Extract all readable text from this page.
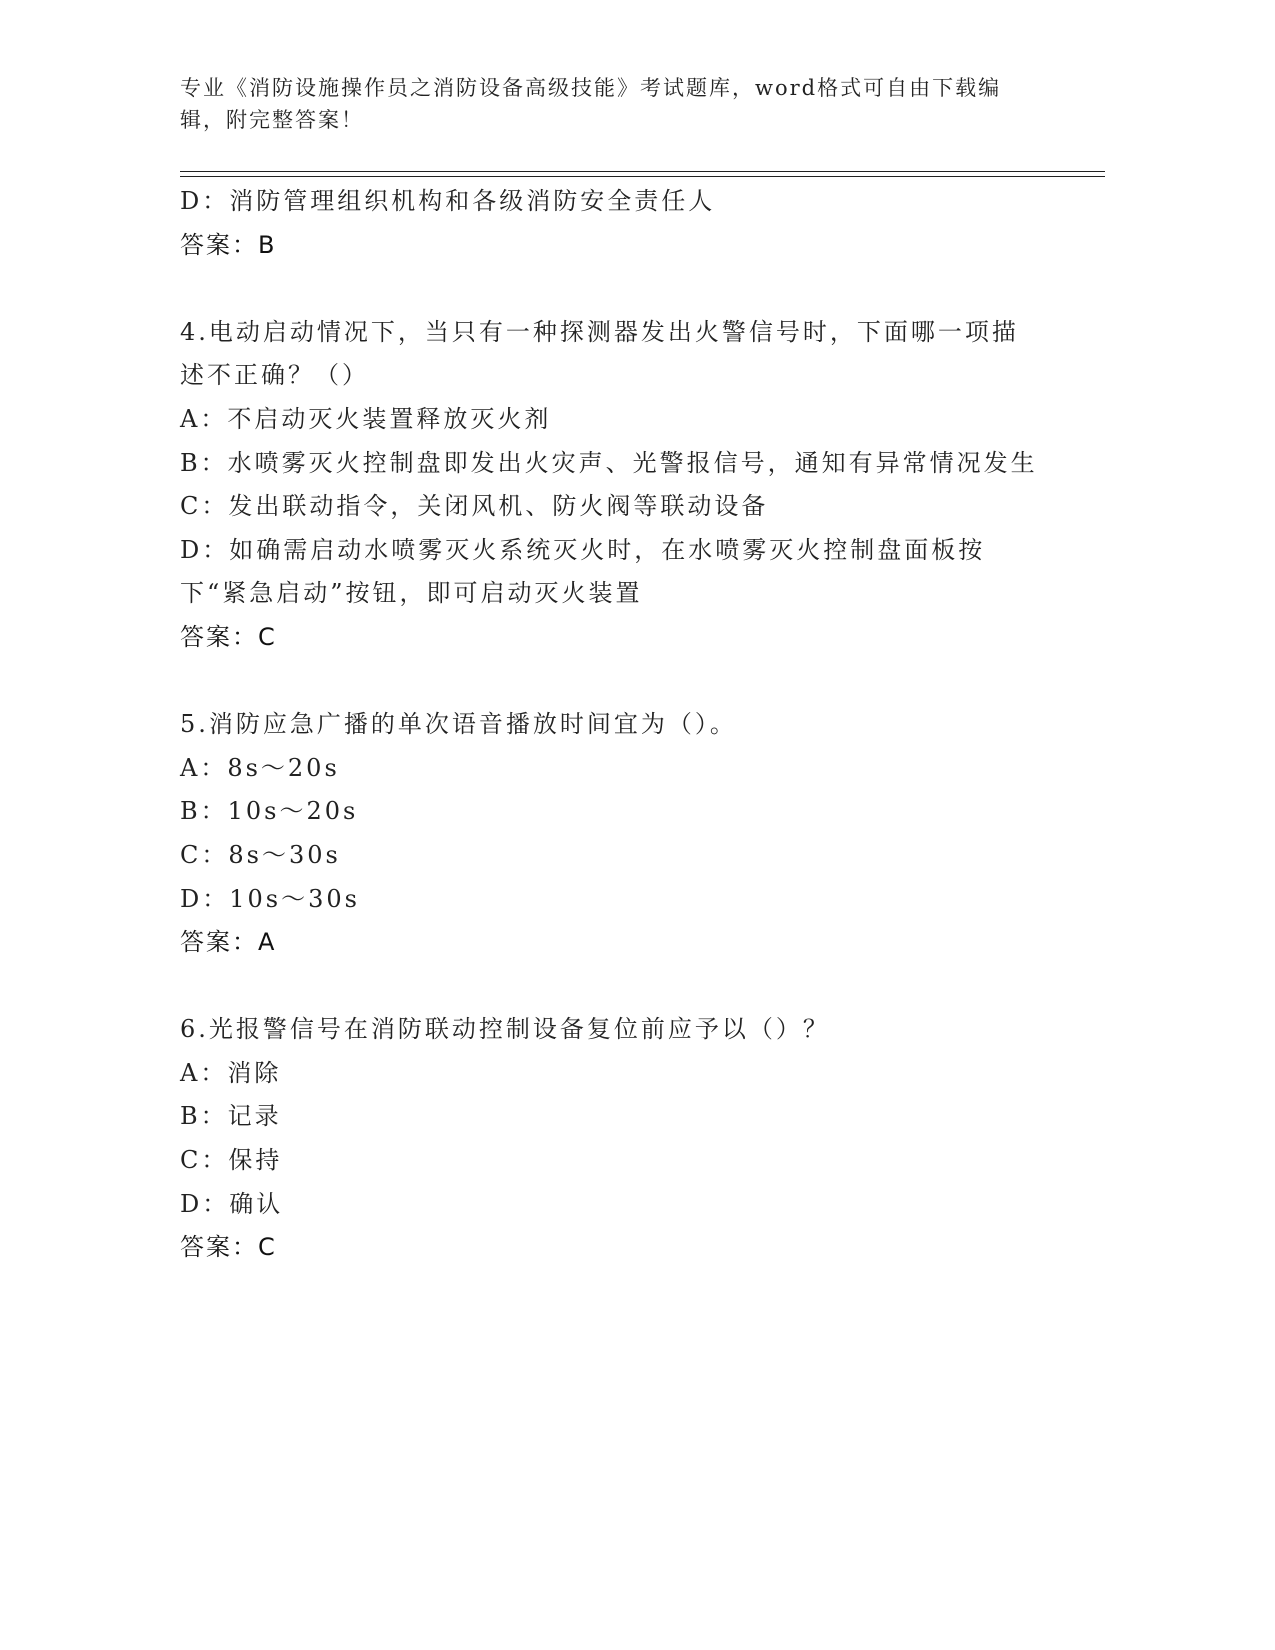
专业《消防设施操作员之消防设备高级技能》考试题库，word格式可自由下载编辑，附完整答案！
D：消防管理组织机构和各级消防安全责任人
答案：B
4.电动启动情况下，当只有一种探测器发出火警信号时，下面哪一项描述不正确？（）
A：不启动灭火装置释放灭火剂
B：水喷雾灭火控制盘即发出火灾声、光警报信号，通知有异常情况发生
C：发出联动指令，关闭风机、防火阀等联动设备
D：如确需启动水喷雾灭火系统灭火时，在水喷雾灭火控制盘面板按下“紧急启动”按钮，即可启动灭火装置
答案：C
5.消防应急广播的单次语音播放时间宜为（）。
A：8s～20s
B：10s～20s
C：8s～30s
D：10s～30s
答案：A
6.光报警信号在消防联动控制设备复位前应予以（）？
A：消除
B：记录
C：保持
D：确认
答案：C
